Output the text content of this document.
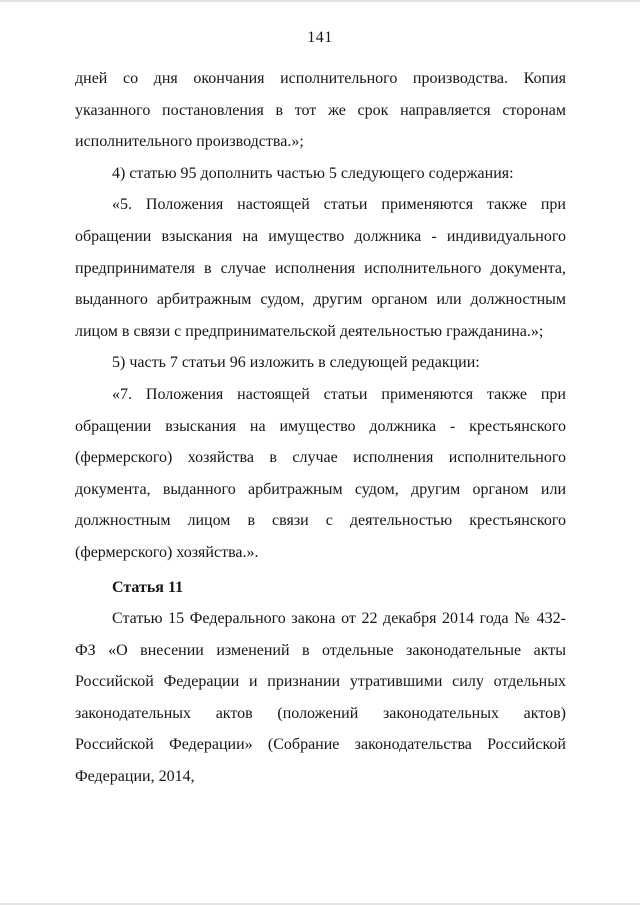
141

дней со дня окончания исполнительного производства. Копия указанного постановления в тот же срок направляется сторонам исполнительного производства.»;

4) статью 95 дополнить частью 5 следующего содержания:

«5. Положения настоящей статьи применяются также при обращении взыскания на имущество должника - индивидуального предпринимателя в случае исполнения исполнительного документа, выданного арбитражным судом, другим органом или должностным лицом в связи с предпринимательской деятельностью гражданина.»;

5) часть 7 статьи 96 изложить в следующей редакции:

«7. Положения настоящей статьи применяются также при обращении взыскания на имущество должника - крестьянского (фермерского) хозяйства в случае исполнения исполнительного документа, выданного арбитражным судом, другим органом или должностным лицом в связи с деятельностью крестьянского (фермерского) хозяйства.».

Статья 11

Статью 15 Федерального закона от 22 декабря 2014 года № 432-ФЗ «О внесении изменений в отдельные законодательные акты Российской Федерации и признании утратившими силу отдельных законодательных актов (положений законодательных актов) Российской Федерации» (Собрание законодательства Российской Федерации, 2014,
